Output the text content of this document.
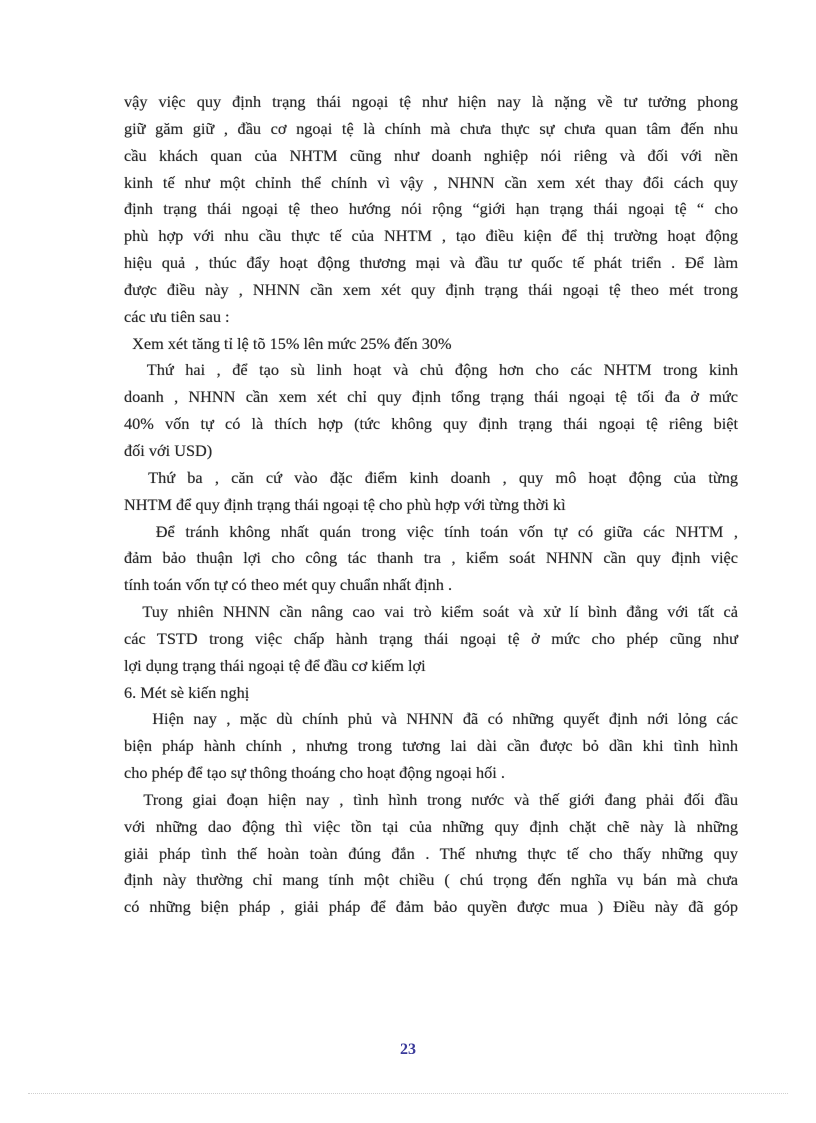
vậy việc quy định trạng thái ngoại tệ như hiện nay là nặng về tư tưởng phong
giữ găm giữ , đầu cơ ngoại tệ là chính mà chưa thực sự chưa quan tâm đến nhu
cầu khách quan của NHTM cũng như doanh nghiệp nói riêng và đối với nền
kinh tế như một chỉnh thể chính vì vậy , NHNN cần xem xét thay đổi cách quy
định trạng thái ngoại tệ theo hướng nói rộng “giới hạn trạng thái ngoại tệ “ cho
phù hợp với nhu cầu thực tế của NHTM , tạo điều kiện để thị trường hoạt động
hiệu quả , thúc đẩy hoạt động thương mại và đầu tư quốc tế phát triển . Để làm
được điều này , NHNN cần xem xét quy định trạng thái ngoại tệ theo mét trong
các ưu tiên sau :
Xem xét tăng tỉ lệ tõ 15% lên mức 25% đến 30%
Thứ hai , để tạo sù linh hoạt và chủ động hơn cho các NHTM trong kinh
doanh , NHNN cần xem xét chỉ quy định tổng trạng thái ngoại tệ tối đa ở mức
40% vốn tự có là thích hợp (tức không quy định trạng thái ngoại tệ riêng biệt
đối với USD)
Thứ ba , căn cứ vào đặc điểm kinh doanh , quy mô hoạt động của từng
NHTM để quy định trạng thái ngoại tệ cho phù hợp với từng thời kì
Để tránh không nhất quán trong việc tính toán vốn tự có giữa các NHTM ,
đảm bảo thuận lợi cho công tác thanh tra , kiểm soát NHNN cần quy định việc
tính toán vốn tự có theo mét quy chuẩn nhất định .
Tuy nhiên NHNN cần nâng cao vai trò kiểm soát và xử lí bình đẳng với tất cả
các TSTD trong việc chấp hành trạng thái ngoại tệ ở mức cho phép cũng như
lợi dụng trạng thái ngoại tệ để đầu cơ kiếm lợi
6. Mét sè kiến nghị
Hiện nay , mặc dù chính phủ và NHNN đã có những quyết định nới lỏng các
biện pháp hành chính , nhưng trong tương lai dài cần được bỏ dần khi tình hình
cho phép để tạo sự thông thoáng cho hoạt động ngoại hối .
Trong giai đoạn hiện nay , tình hình trong nước và thế giới đang phải đối đầu
với những dao động thì việc tồn tại của những quy định chặt chẽ này là những
giải pháp tình thế hoàn toàn đúng đắn . Thế nhưng thực tế cho thấy những quy
định này thường chỉ mang tính một chiều ( chú trọng đến nghĩa vụ bán mà chưa
có những biện pháp , giải pháp để đảm bảo quyền được mua ) Điều này đã góp
23
